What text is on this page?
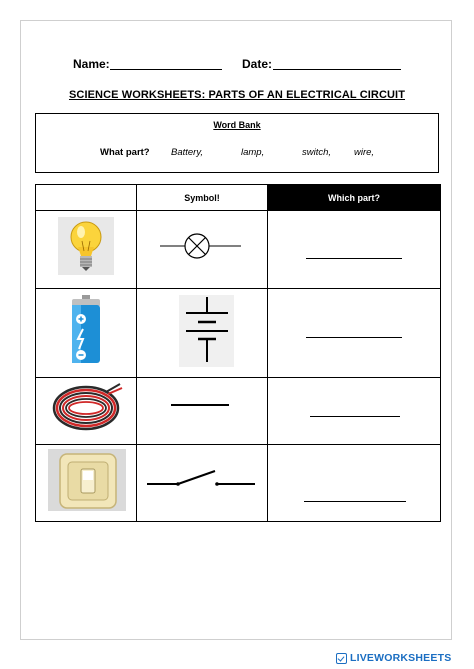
Name:	Date:
SCIENCE WORKSHEETS: PARTS OF AN ELECTRICAL CIRCUIT
Word Bank
What part? Battery,	lamp,	switch, wire,
	Symbol!	Which part?

LIVEWORKSHEETS
